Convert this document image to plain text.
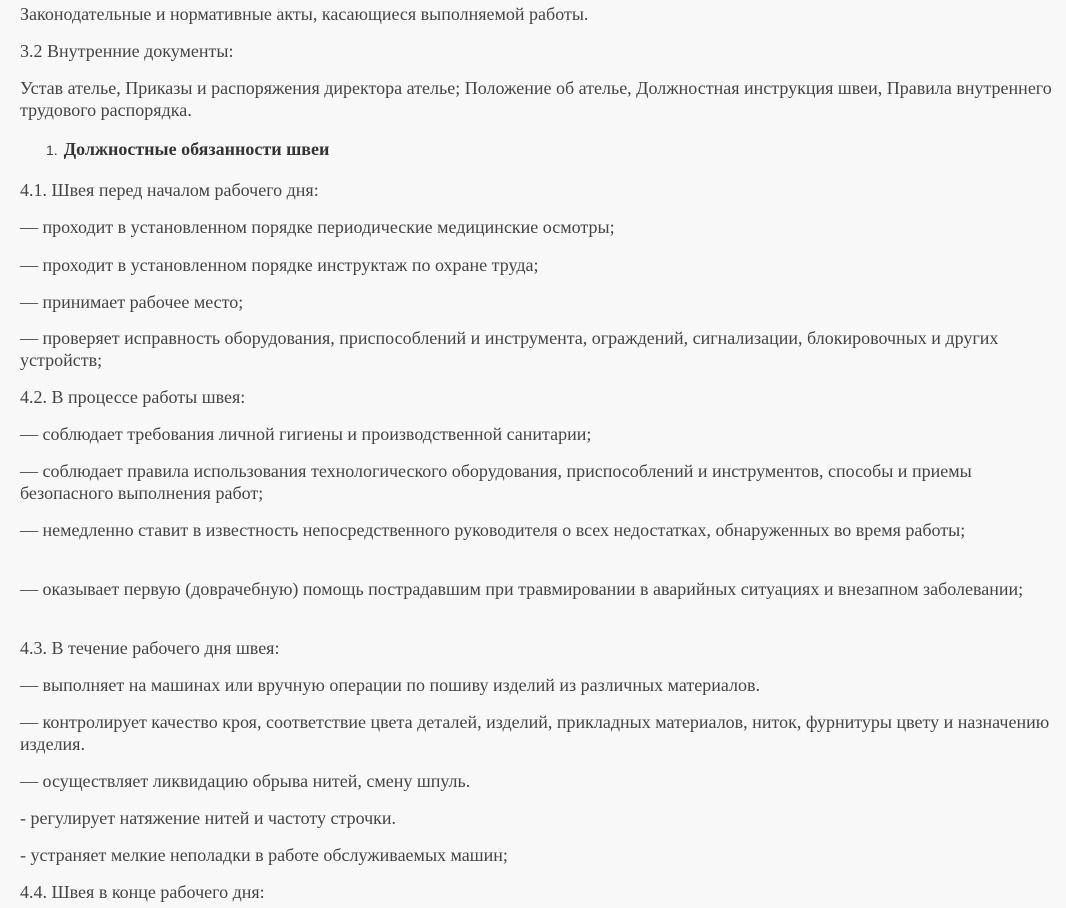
Законодательные и нормативные акты, касающиеся выполняемой работы.

3.2 Внутренние документы:

Устав ателье, Приказы и распоряжения директора ателье; Положение об ателье, Должностная инструкция швеи, Правила внутреннего трудового распорядка.

1. Должностные обязанности швеи

4.1. Швея перед началом рабочего дня:

— проходит в установленном порядке периодические медицинские осмотры;

— проходит в установленном порядке инструктаж по охране труда;

— принимает рабочее место;

— проверяет исправность оборудования, приспособлений и инструмента, ограждений, сигнализации, блокировочных и других устройств;

4.2. В процессе работы швея:

— соблюдает требования личной гигиены и производственной санитарии;

— соблюдает правила использования технологического оборудования, приспособлений и инструментов, способы и приемы безопасного выполнения работ;

— немедленно ставит в известность непосредственного руководителя о всех недостатках, обнаруженных во время работы;

— оказывает первую (доврачебную) помощь пострадавшим при травмировании в аварийных ситуациях и внезапном заболевании;

4.3. В течение рабочего дня швея:

— выполняет на машинах или вручную операции по пошиву изделий из различных материалов.

— контролирует качество кроя, соответствие цвета деталей, изделий, прикладных материалов, ниток, фурнитуры цвету и назначению изделия.

— осуществляет ликвидацию обрыва нитей, смену шпуль.

- регулирует натяжение нитей и частоту строчки.

- устраняет мелкие неполадки в работе обслуживаемых машин;

4.4. Швея в конце рабочего дня:
